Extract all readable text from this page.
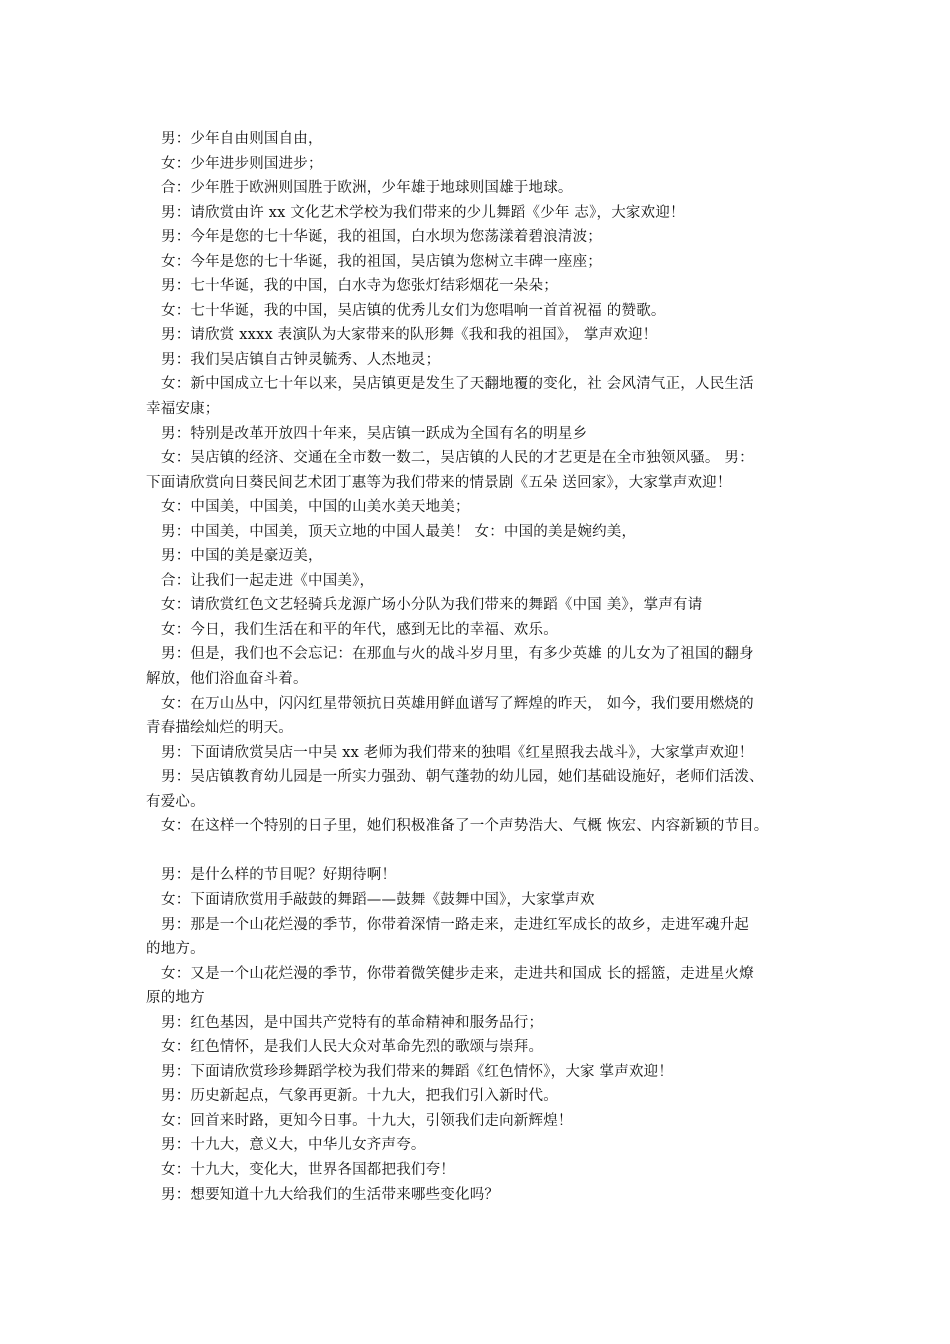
男：少年自由则国自由，
女：少年进步则国进步；
合：少年胜于欧洲则国胜于欧洲，少年雄于地球则国雄于地球。
男：请欣赏由许 xx 文化艺术学校为我们带来的少儿舞蹈《少年 志》，大家欢迎！
男：今年是您的七十华诞，我的祖国，白水坝为您荡漾着碧浪清波；
女：今年是您的七十华诞，我的祖国，吴店镇为您树立丰碑一座座；
男：七十华诞，我的中国，白水寺为您张灯结彩烟花一朵朵；
女：七十华诞，我的中国，吴店镇的优秀儿女们为您唱响一首首祝福 的赞歌。
男：请欣赏 xxxx 表演队为大家带来的队形舞《我和我的祖国》， 掌声欢迎！
男：我们吴店镇自古钟灵毓秀、人杰地灵；
女：新中国成立七十年以来，吴店镇更是发生了天翻地覆的变化，社 会风清气正，人民生活
幸福安康；
男：特别是改革开放四十年来，吴店镇一跃成为全国有名的明星乡
女：吴店镇的经济、交通在全市数一数二，吴店镇的人民的才艺更是在全市独领风骚。 男：
下面请欣赏向日葵民间艺术团丁惠等为我们带来的情景剧《五朵 送回家》，大家掌声欢迎！
女：中国美，中国美，中国的山美水美天地美；
男：中国美，中国美，顶天立地的中国人最美！ 女：中国的美是婉约美，
男：中国的美是豪迈美，
合：让我们一起走进《中国美》，
女：请欣赏红色文艺轻骑兵龙源广场小分队为我们带来的舞蹈《中国 美》，掌声有请
女：今日，我们生活在和平的年代，感到无比的幸福、欢乐。
男：但是，我们也不会忘记：在那血与火的战斗岁月里，有多少英雄 的儿女为了祖国的翻身
解放，他们浴血奋斗着。
女：在万山丛中，闪闪红星带领抗日英雄用鲜血谱写了辉煌的昨天， 如今，我们要用燃烧的
青春描绘灿烂的明天。
男：下面请欣赏吴店一中吴 xx 老师为我们带来的独唱《红星照我去战斗》，大家掌声欢迎！
男：吴店镇教育幼儿园是一所实力强劲、朝气蓬勃的幼儿园，她们基础设施好，老师们活泼、
有爱心。
女：在这样一个特别的日子里，她们积极准备了一个声势浩大、气概 恢宏、内容新颖的节目。
男：是什么样的节目呢？好期待啊！
女：下面请欣赏用手敲鼓的舞蹈——鼓舞《鼓舞中国》，大家掌声欢
男：那是一个山花烂漫的季节，你带着深情一路走来，走进红军成长的故乡，走进军魂升起
的地方。
女：又是一个山花烂漫的季节，你带着微笑健步走来，走进共和国成 长的摇篮，走进星火燎
原的地方
男：红色基因，是中国共产党特有的革命精神和服务品行；
女：红色情怀，是我们人民大众对革命先烈的歌颂与崇拜。
男：下面请欣赏珍珍舞蹈学校为我们带来的舞蹈《红色情怀》，大家 掌声欢迎！
男：历史新起点，气象再更新。十九大，把我们引入新时代。
女：回首来时路，更知今日事。十九大，引领我们走向新辉煌！
男：十九大，意义大，中华儿女齐声夸。
女：十九大，变化大，世界各国都把我们夸！
男：想要知道十九大给我们的生活带来哪些变化吗？
